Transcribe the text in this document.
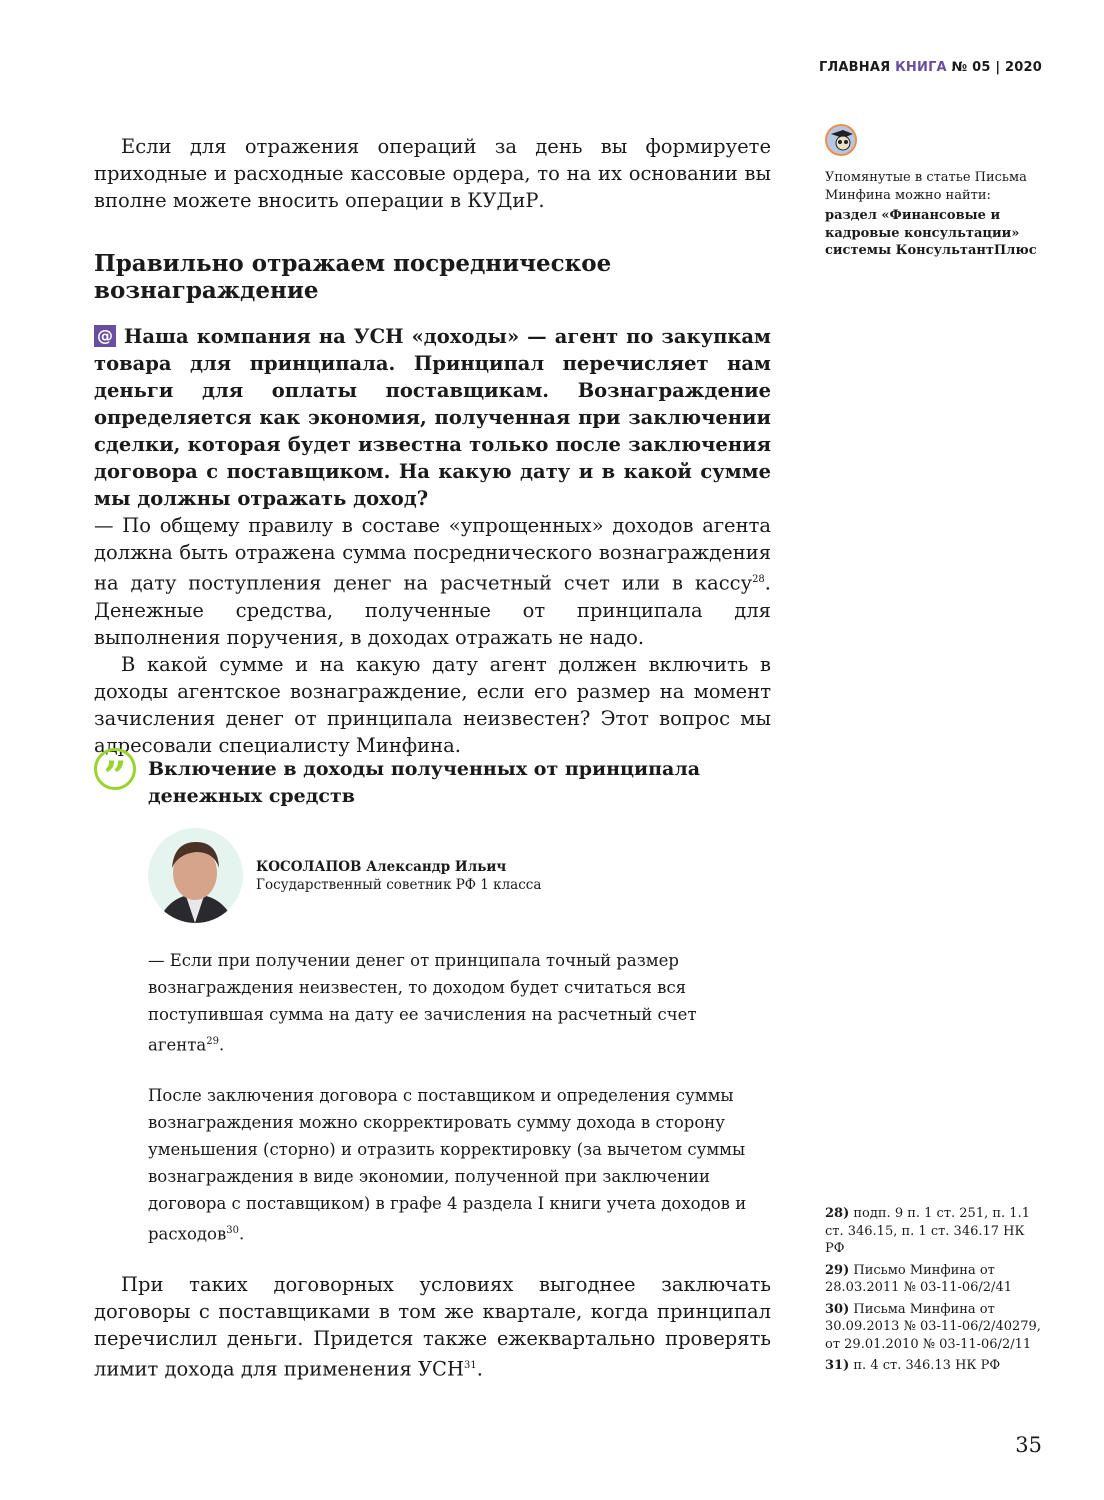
ГЛАВНАЯ КНИГА № 05 | 2020

Если для отражения операций за день вы формируете приходные и расходные кассовые ордера, то на их основании вы вполне можете вносить операции в КУДиР.

Правильно отражаем посредническое вознаграждение

@ Наша компания на УСН «доходы» — агент по закупкам товара для принципала. Принципал перечисляет нам деньги для оплаты поставщикам. Вознаграждение определяется как экономия, полученная при заключении сделки, которая будет известна только после заключения договора с поставщиком. На какую дату и в какой сумме мы должны отражать доход?

— По общему правилу в составе «упрощенных» доходов агента должна быть отражена сумма посреднического вознаграждения на дату поступления денег на расчетный счет или в кассу$^{28}$. Денежные средства, полученные от принципала для выполнения поручения, в доходах отражать не надо.

В какой сумме и на какую дату агент должен включить в доходы агентское вознаграждение, если его размер на момент зачисления денег от принципала неизвестен? Этот вопрос мы адресовали специалисту Минфина.

”	Включение в доходы полученных от принципала денежных средств

КОСОЛАПОВ Александр Ильич
Государственный советник РФ 1 класса

— Если при получении денег от принципала точный размер вознаграждения неизвестен, то доходом будет считаться вся поступившая сумма на дату ее зачисления на расчетный счет агента$^{29}$.

После заключения договора с поставщиком и определения суммы вознаграждения можно скорректировать сумму дохода в сторону уменьшения (сторно) и отразить корректировку (за вычетом суммы вознаграждения в виде экономии, полученной при заключении договора с поставщиком) в графе 4 раздела I книги учета доходов и расходов$^{30}$.

При таких договорных условиях выгоднее заключать договоры с поставщиками в том же квартале, когда принципал перечислил деньги. Придется также ежеквартально проверять лимит дохода для применения УСН$^{31}$.

Упомянутые в статье Письма Минфина можно найти:
раздел «Финансовые и кадровые консультации» системы КонсультантПлюс

28) подп. 9 п. 1 ст. 251, п. 1.1 ст. 346.15, п. 1 ст. 346.17 НК РФ

29) Письмо Минфина от 28.03.2011 № 03-11-06/2/41

30) Письма Минфина от 30.09.2013 № 03-11-06/2/40279, от 29.01.2010 № 03-11-06/2/11

31) п. 4 ст. 346.13 НК РФ

35
